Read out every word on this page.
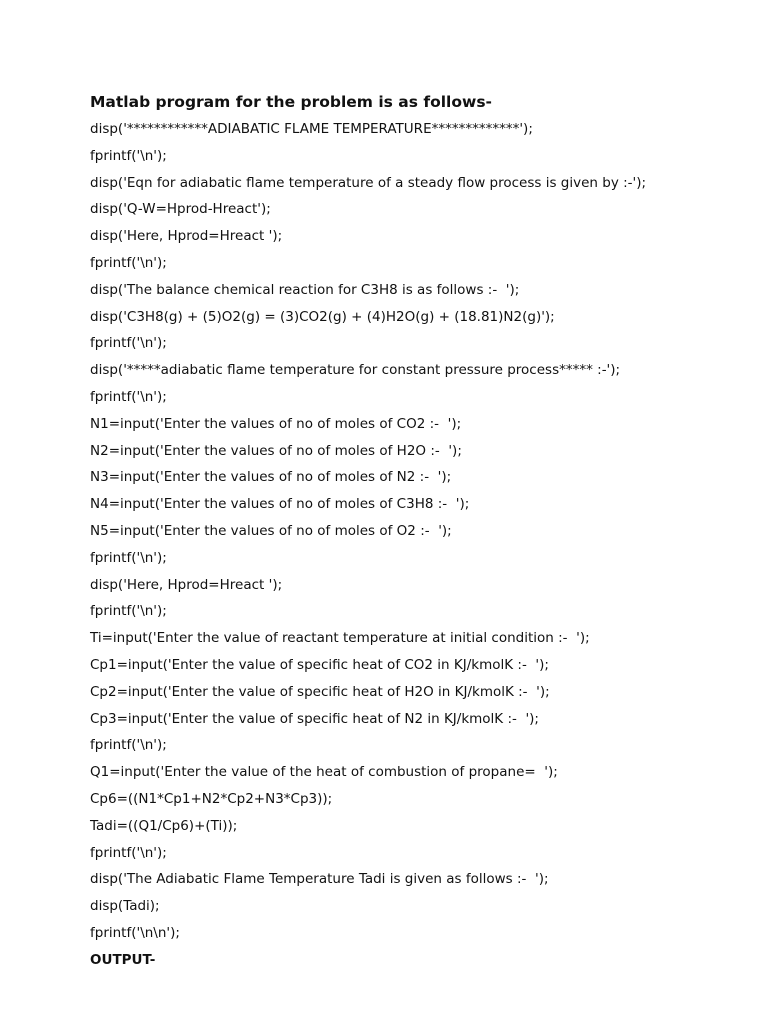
Matlab program for the problem is as follows-
disp('************ADIABATIC FLAME TEMPERATURE*************');
fprintf('\n');
disp('Eqn for adiabatic flame temperature of a steady flow process is given by :-');
disp('Q-W=Hprod-Hreact');
disp('Here, Hprod=Hreact ');
fprintf('\n');
disp('The balance chemical reaction for C3H8 is as follows :-  ');
disp('C3H8(g) + (5)O2(g) = (3)CO2(g) + (4)H2O(g) + (18.81)N2(g)');
fprintf('\n');
disp('*****adiabatic flame temperature for constant pressure process***** :-');
fprintf('\n');
N1=input('Enter the values of no of moles of CO2 :-  ');
N2=input('Enter the values of no of moles of H2O :-  ');
N3=input('Enter the values of no of moles of N2 :-  ');
N4=input('Enter the values of no of moles of C3H8 :-  ');
N5=input('Enter the values of no of moles of O2 :-  ');
fprintf('\n');
disp('Here, Hprod=Hreact ');
fprintf('\n');
Ti=input('Enter the value of reactant temperature at initial condition :-  ');
Cp1=input('Enter the value of specific heat of CO2 in KJ/kmolK :-  ');
Cp2=input('Enter the value of specific heat of H2O in KJ/kmolK :-  ');
Cp3=input('Enter the value of specific heat of N2 in KJ/kmolK :-  ');
fprintf('\n');
Q1=input('Enter the value of the heat of combustion of propane=  ');
Cp6=((N1*Cp1+N2*Cp2+N3*Cp3));
Tadi=((Q1/Cp6)+(Ti));
fprintf('\n');
disp('The Adiabatic Flame Temperature Tadi is given as follows :-  ');
disp(Tadi);
fprintf('\n\n');
OUTPUT-
